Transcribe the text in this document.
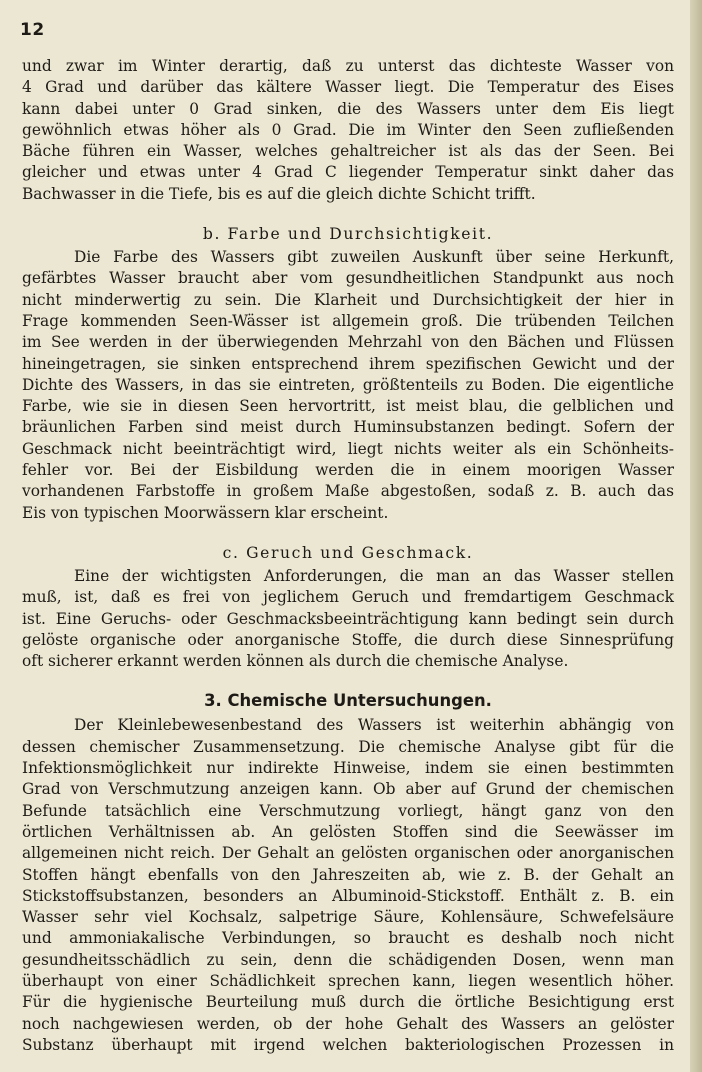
12
und zwar im Winter derartig, daß zu unterst das dichteste Wasser von
4 Grad und darüber das kältere Wasser liegt. Die Temperatur des Eises
kann dabei unter 0 Grad sinken, die des Wassers unter dem Eis liegt
gewöhnlich etwas höher als 0 Grad. Die im Winter den Seen zufließenden
Bäche führen ein Wasser, welches gehaltreicher ist als das der Seen. Bei
gleicher und etwas unter 4 Grad C liegender Temperatur sinkt daher das
Bachwasser in die Tiefe, bis es auf die gleich dichte Schicht trifft.
b. Farbe und Durchsichtigkeit.
Die Farbe des Wassers gibt zuweilen Auskunft über seine Herkunft,
gefärbtes Wasser braucht aber vom gesundheitlichen Standpunkt aus noch
nicht minderwertig zu sein. Die Klarheit und Durchsichtigkeit der hier in
Frage kommenden Seen-Wässer ist allgemein groß. Die trübenden Teilchen
im See werden in der überwiegenden Mehrzahl von den Bächen und Flüssen
hineingetragen, sie sinken entsprechend ihrem spezifischen Gewicht und der
Dichte des Wassers, in das sie eintreten, größtenteils zu Boden. Die eigentliche
Farbe, wie sie in diesen Seen hervortritt, ist meist blau, die gelblichen und
bräunlichen Farben sind meist durch Huminsubstanzen bedingt. Sofern der
Geschmack nicht beeinträchtigt wird, liegt nichts weiter als ein Schönheits-
fehler vor. Bei der Eisbildung werden die in einem moorigen Wasser
vorhandenen Farbstoffe in großem Maße abgestoßen, sodaß z. B. auch das
Eis von typischen Moorwässern klar erscheint.
c. Geruch und Geschmack.
Eine der wichtigsten Anforderungen, die man an das Wasser stellen
muß, ist, daß es frei von jeglichem Geruch und fremdartigem Geschmack
ist. Eine Geruchs- oder Geschmacksbeeinträchtigung kann bedingt sein durch
gelöste organische oder anorganische Stoffe, die durch diese Sinnesprüfung
oft sicherer erkannt werden können als durch die chemische Analyse.
3. Chemische Untersuchungen.
Der Kleinlebewesenbestand des Wassers ist weiterhin abhängig von
dessen chemischer Zusammensetzung. Die chemische Analyse gibt für die
Infektionsmöglichkeit nur indirekte Hinweise, indem sie einen bestimmten
Grad von Verschmutzung anzeigen kann. Ob aber auf Grund der chemischen
Befunde tatsächlich eine Verschmutzung vorliegt, hängt ganz von den
örtlichen Verhältnissen ab. An gelösten Stoffen sind die Seewässer im
allgemeinen nicht reich. Der Gehalt an gelösten organischen oder anorganischen
Stoffen hängt ebenfalls von den Jahreszeiten ab, wie z. B. der Gehalt an
Stickstoffsubstanzen, besonders an Albuminoid-Stickstoff. Enthält z. B. ein
Wasser sehr viel Kochsalz, salpetrige Säure, Kohlensäure, Schwefelsäure
und ammoniakalische Verbindungen, so braucht es deshalb noch nicht
gesundheitsschädlich zu sein, denn die schädigenden Dosen, wenn man
überhaupt von einer Schädlichkeit sprechen kann, liegen wesentlich höher.
Für die hygienische Beurteilung muß durch die örtliche Besichtigung erst
noch nachgewiesen werden, ob der hohe Gehalt des Wassers an gelöster
Substanz überhaupt mit irgend welchen bakteriologischen Prozessen in
